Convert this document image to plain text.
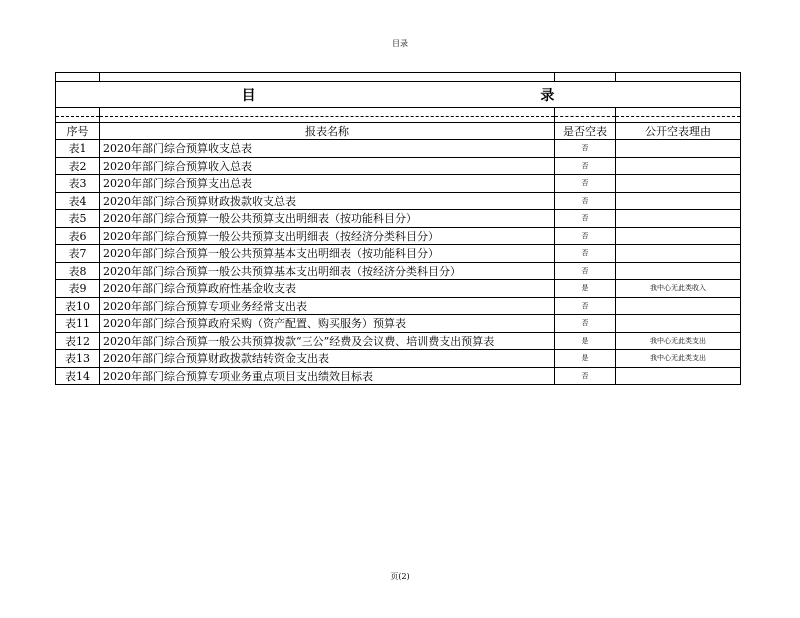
目录

目 录			

序号	报表名称	是否空表	公开空表理由
表1	2020年部门综合预算收支总表	否	
表2	2020年部门综合预算收入总表	否	
表3	2020年部门综合预算支出总表	否	
表4	2020年部门综合预算财政拨款收支总表	否	
表5	2020年部门综合预算一般公共预算支出明细表（按功能科目分）	否	
表6	2020年部门综合预算一般公共预算支出明细表（按经济分类科目分）	否	
表7	2020年部门综合预算一般公共预算基本支出明细表（按功能科目分）	否	
表8	2020年部门综合预算一般公共预算基本支出明细表（按经济分类科目分）	否	
表9	2020年部门综合预算政府性基金收支表	是	我中心无此类收入
表10	2020年部门综合预算专项业务经常支出表	否	
表11	2020年部门综合预算政府采购（资产配置、购买服务）预算表	否	
表12	2020年部门综合预算一般公共预算拨款“三公”经费及会议费、培训费支出预算表	是	我中心无此类支出
表13	2020年部门综合预算财政拨款结转资金支出表	是	我中心无此类支出
表14	2020年部门综合预算专项业务重点项目支出绩效目标表	否	
页(2)
